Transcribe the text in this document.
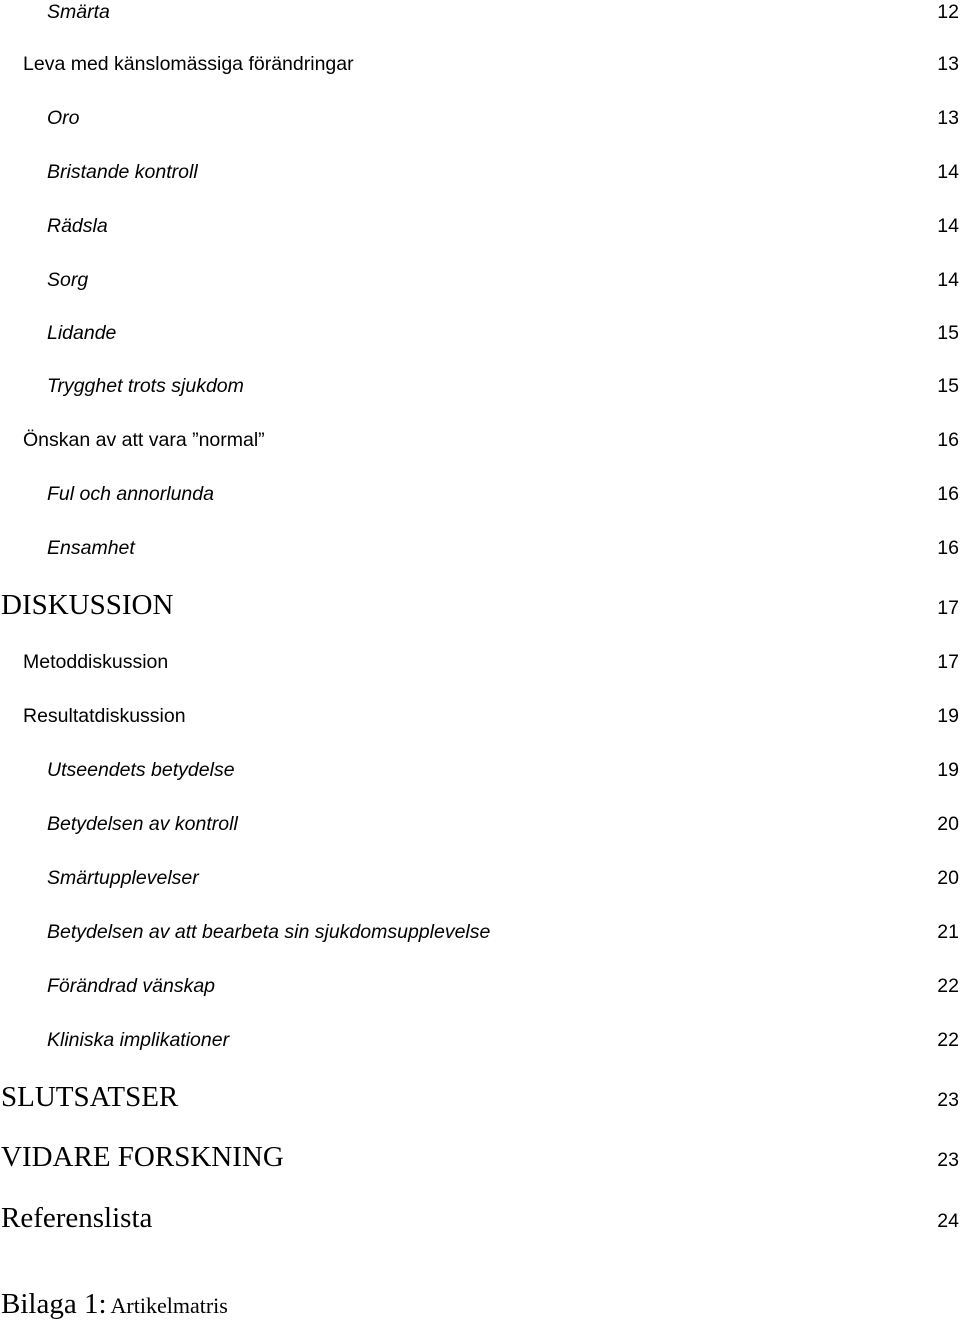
Smärta	12
Leva med känslomässiga förändringar	13
Oro	13
Bristande kontroll	14
Rädsla	14
Sorg	14
Lidande	15
Trygghet trots sjukdom	15
Önskan av att vara ”normal”	16
Ful och annorlunda	16
Ensamhet	16
DISKUSSION	17
Metoddiskussion	17
Resultatdiskussion	19
Utseendets betydelse	19
Betydelsen av kontroll	20
Smärtupplevelser	20
Betydelsen av att bearbeta sin sjukdomsupplevelse	21
Förändrad vänskap	22
Kliniska implikationer	22
SLUTSATSER	23
VIDARE FORSKNING	23
Referenslista	24
Bilaga 1: Artikelmatris
